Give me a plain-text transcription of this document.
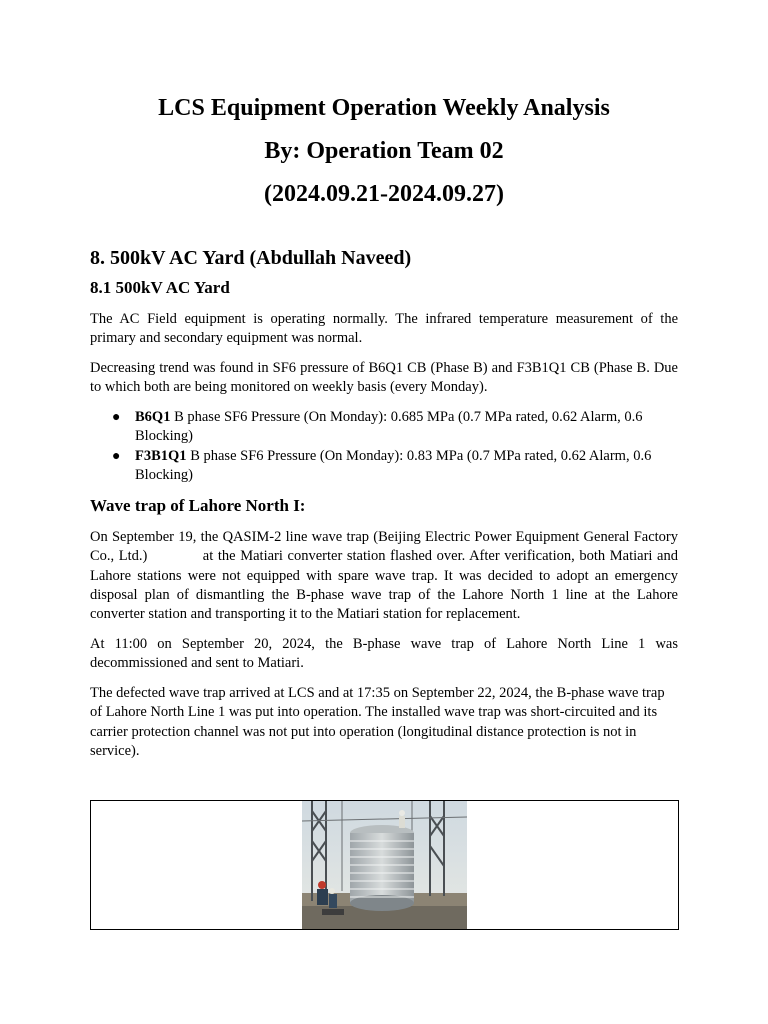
LCS Equipment Operation Weekly Analysis
By: Operation Team 02
(2024.09.21-2024.09.27)
8. 500kV AC Yard (Abdullah Naveed)
8.1 500kV AC Yard

The AC Field equipment is operating normally. The infrared temperature measurement of the primary and secondary equipment was normal.

Decreasing trend was found in SF6 pressure of B6Q1 CB (Phase B) and F3B1Q1 CB (Phase B. Due to which both are being monitored on weekly basis (every Monday).

● B6Q1 B phase SF6 Pressure (On Monday): 0.685 MPa (0.7 MPa rated, 0.62 Alarm, 0.6 Blocking)
● F3B1Q1 B phase SF6 Pressure (On Monday): 0.83 MPa (0.7 MPa rated, 0.62 Alarm, 0.6 Blocking)
Wave trap of Lahore North I:

On September 19, the QASIM-2 line wave trap (Beijing Electric Power Equipment General Factory Co., Ltd.)            at the Matiari converter station flashed over. After verification, both Matiari and Lahore stations were not equipped with spare wave trap. It was decided to adopt an emergency disposal plan of dismantling the B-phase wave trap of the Lahore North 1 line at the Lahore converter station and transporting it to the Matiari station for replacement.

At 11:00 on September 20, 2024, the B-phase wave trap of Lahore North Line 1 was decommissioned and sent to Matiari.

The defected wave trap arrived at LCS and at 17:35 on September 22, 2024, the B-phase wave trap of Lahore North Line 1 was put into operation. The installed wave trap was short-circuited and its carrier protection channel was not put into operation (longitudinal distance protection is not in service).
